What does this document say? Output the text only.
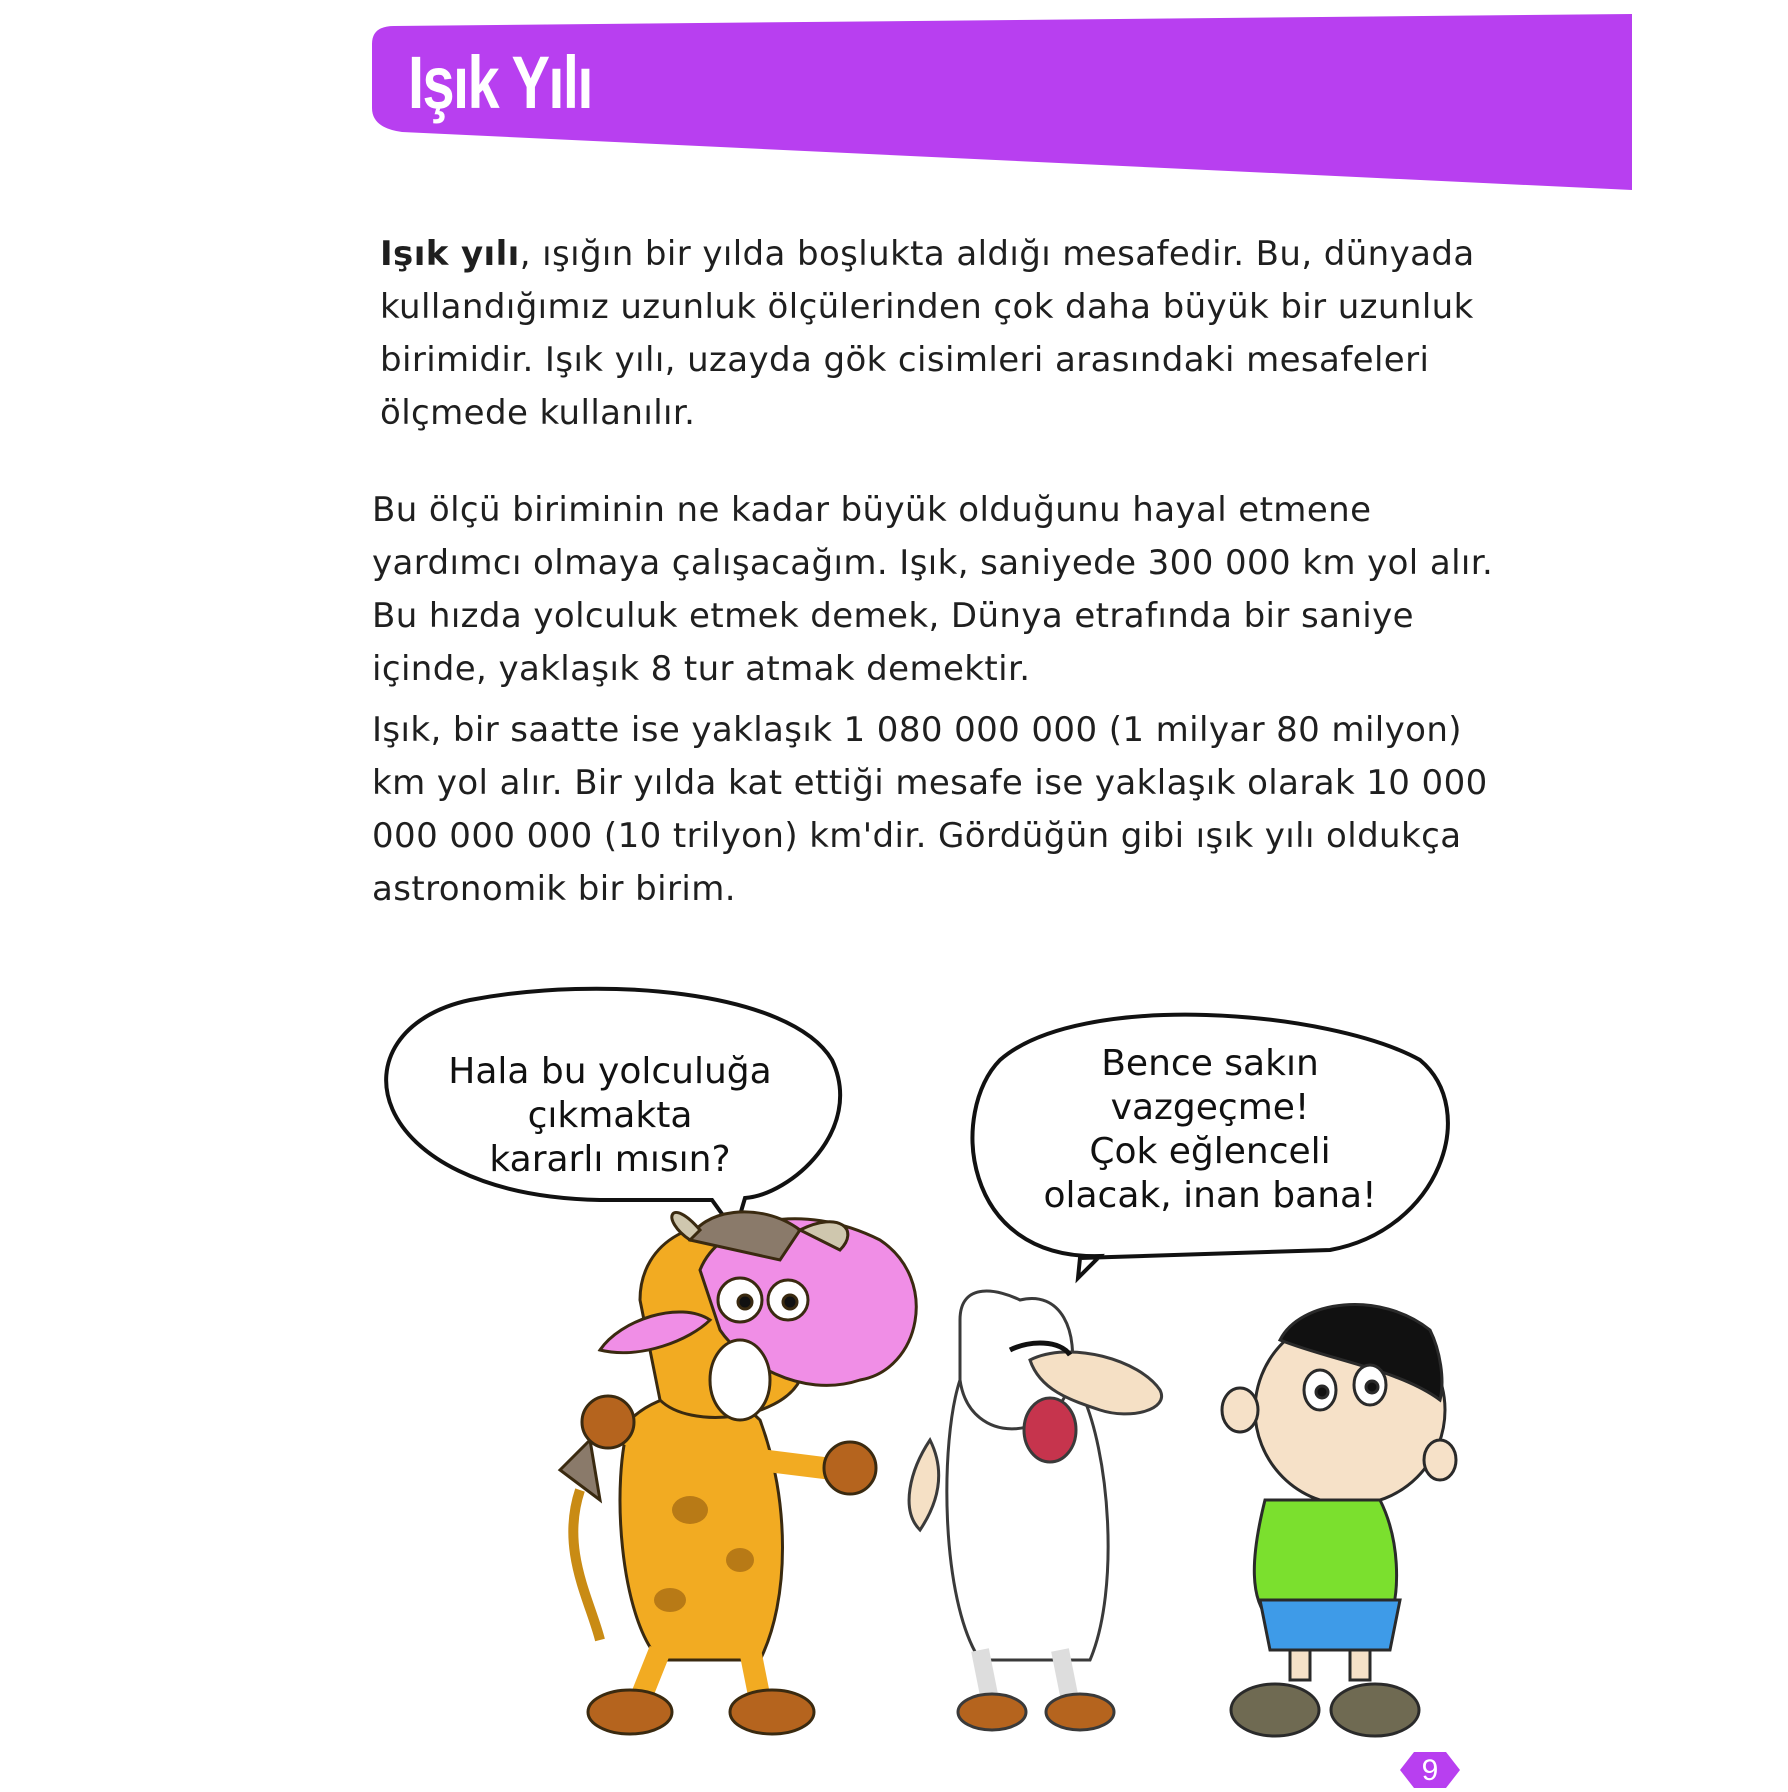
Işık Yılı

Işık yılı, ışığın bir yılda boşlukta aldığı mesafedir. Bu, dünyada kullandığımız uzunluk ölçülerinden çok daha büyük bir uzunluk birimidir. Işık yılı, uzayda gök cisimleri arasındaki mesafeleri ölçmede kullanılır.

Bu ölçü biriminin ne kadar büyük olduğunu hayal etmene yardımcı olmaya çalışacağım. Işık, saniyede 300 000 km yol alır. Bu hızda yolculuk etmek demek, Dünya etrafında bir saniye içinde, yaklaşık 8 tur atmak demektir.

Işık, bir saatte ise yaklaşık 1 080 000 000 (1 milyar 80 milyon) km yol alır. Bir yılda kat ettiği mesafe ise yaklaşık olarak 10 000 000 000 000 (10 trilyon) km'dir. Gördüğün gibi ışık yılı oldukça astronomik bir birim.

Hala bu yolculuğa
çıkmakta
kararlı mısın?
Bence sakın
vazgeçme!
Çok eğlenceli
olacak, inan bana!
9
